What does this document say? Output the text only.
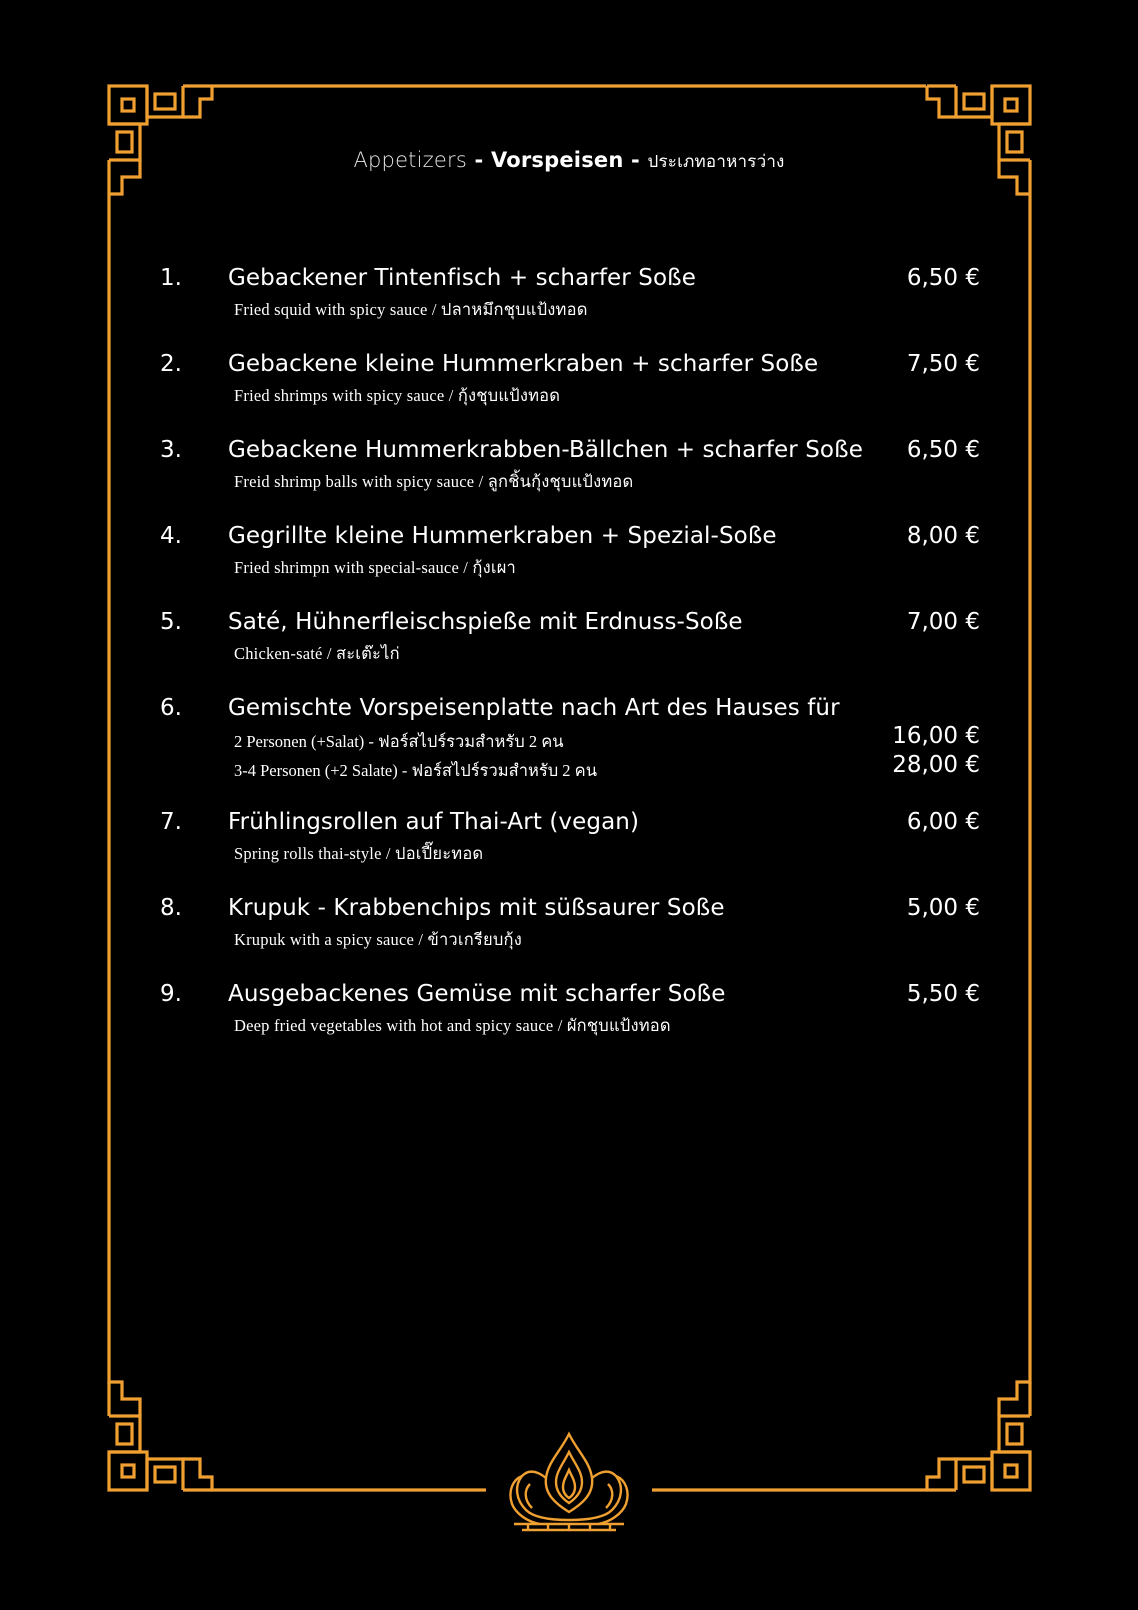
Appetizers - Vorspeisen - ประเภทอาหารว่าง
1. Gebackener Tintenfisch + scharfer Soße	6,50 €
Fried squid with spicy sauce / ปลาหมึกชุบแป้งทอด
2. Gebackene kleine Hummerkraben + scharfer Soße	7,50 €
Fried shrimps with spicy sauce / กุ้งชุบแป้งทอด
3. Gebackene Hummerkrabben-Bällchen + scharfer Soße 6,50 €
Freid shrimp balls with spicy sauce / ลูกชิ้นกุ้งชุบแป้งทอด
4. Gegrillte kleine Hummerkraben + Spezial-Soße	8,00 €
Fried shrimpn with special-sauce / กุ้งเผา
5. Saté, Hühnerfleischspieße mit Erdnuss-Soße	7,00 €
Chicken-saté / สะเต๊ะไก่
6. Gemischte Vorspeisenplatte nach Art des Hauses für
2 Personen (+Salat) - ฟอร์สไปร์รวมสำหรับ 2 คน	16,00 €
3-4 Personen (+2 Salate) - ฟอร์สไปร์รวมสำหรับ 2 คน	28,00 €
7. Frühlingsrollen auf Thai-Art (vegan)	6,00 €
Spring rolls thai-style / ปอเปี๊ยะทอด
8. Krupuk - Krabbenchips mit süßsaurer Soße	5,00 €
Krupuk with a spicy sauce / ข้าวเกรียบกุ้ง
9. Ausgebackenes Gemüse mit scharfer Soße	5,50 €
Deep fried vegetables with hot and spicy sauce / ผักชุบแป้งทอด
